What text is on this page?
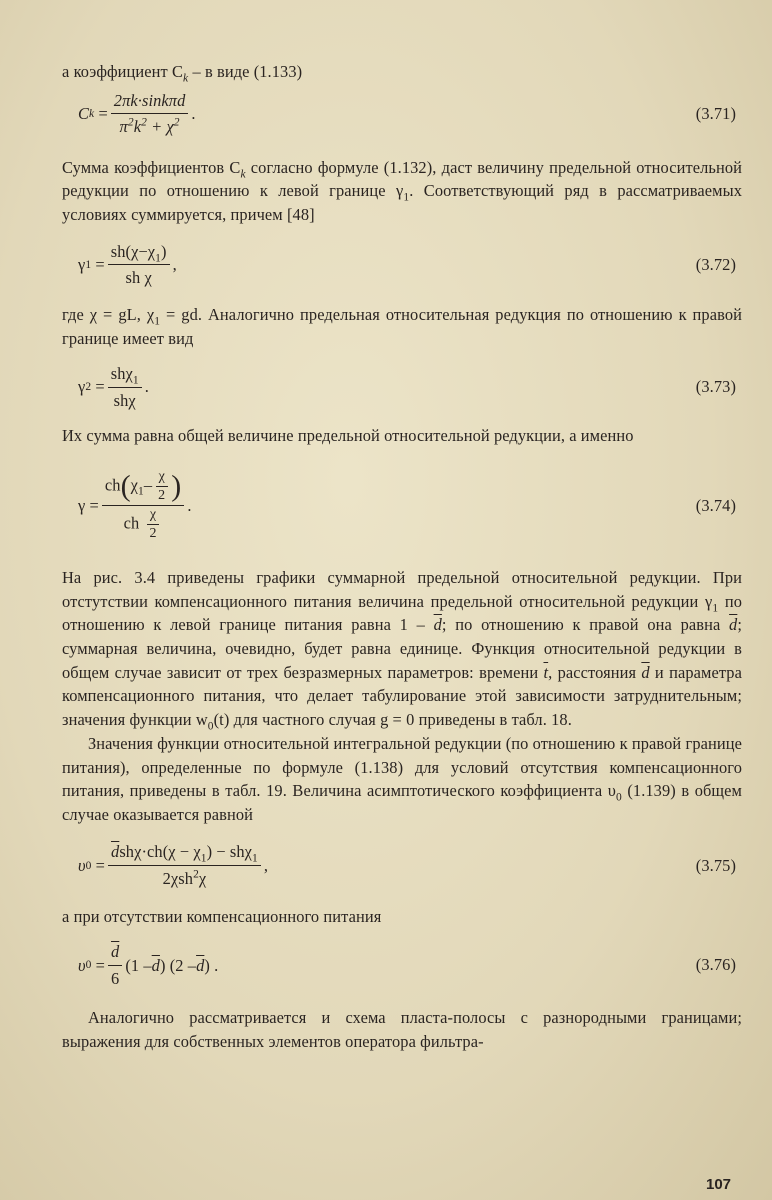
а коэффициент $C_k$ – в виде (1.133)

C $k = \frac{\text{2πk·sinkπd}}{\pi^2k^2 + \chi^2}$ .	(3.71)

Сумма коэффициентов $C_k$ согласно формуле (1.132), даст величину предельной относительной редукции по отношению к левой границе $\gamma_1$. Соответствующий ряд в рассматриваемых условиях суммируется, причем [48]

γ $1 = \frac{sh(\chi-\chi_1)}{\text{sh χ}}$ ,	(3.72)

где χ = gL, $\chi_1$ = gd. Аналогично предельная относительная редукция по отношению к правой границе имеет вид

γ $2 = \frac{sh\chi_1}{\text{shχ}}$ .	(3.73)

Их сумма равна общей величине предельной относительной редукции, а именно

$\gamma = \frac{ch(\chi_1- \frac{\chi}{2} )}{ch \frac{\chi}{2}}$ .	(3.74)

На рис. 3.4 приведены графики суммарной предельной относительной редукции. При отстутствии компенсационного питания величина предельной относительной редукции $\gamma_1$ по отношению к левой границе питания равна $1 - \overline{d}$; по отношению к правой она равна $\overline{d}$; суммарная величина, очевидно, будет равна единице. Функция относительной редукции в общем случае зависит от трех безразмерных параметров: времени $\overline{t}$, расстояния $\overline{d}$ и параметра компенсационного питания, что делает табулирование этой зависимости затруднительным; значения функции $w_0(t)$ для частного случая g = 0 приведены в табл. 18.

Значения функции относительной интегральной редукции (по отношению к правой границе питания), определенные по формуле (1.138) для условий отсутствия компенсационного питания, приведены в табл. 19. Величина асимптотического коэффициента $\upsilon_0$ (1.139) в общем случае оказывается равной

υ $0 = \frac{\overline{d}sh\chi\cdot ch(\chi - \chi_1) - sh\chi_1}{2\chi sh^2\chi}$ ,	(3.75)

а при отсутствии компенсационного питания

υ $0 = \frac{\overline{d}}{6} (1 - \overline{d}$ ) ($2 - \overline{d}$ ) .	(3.76)

Аналогично рассматривается и схема пласта-полосы с разнородными границами; выражения для собственных элементов оператора фильтра-

107
